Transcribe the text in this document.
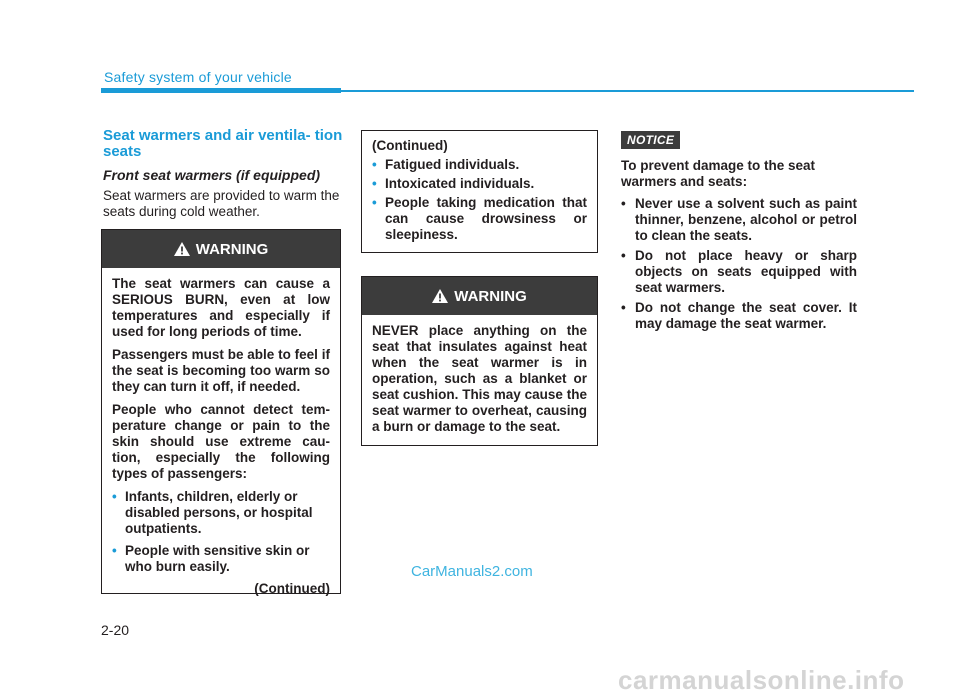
Safety system of your vehicle
Seat warmers and air ventila- tion seats
Front seat warmers (if equipped)
Seat warmers are provided to warm the seats during cold weather.
WARNING

The seat warmers can cause a SERIOUS BURN, even at low temperatures and especially if used for long periods of time.

Passengers must be able to feel if the seat is becoming too warm so they can turn it off, if needed.

People who cannot detect tem- perature change or pain to the skin should use extreme cau- tion, especially the following types of passengers:

• Infants, children, elderly or disabled persons, or hospital outpatients.
• People with sensitive skin or who burn easily.
(Continued)
(Continued)
• Fatigued individuals.
• Intoxicated individuals.
• People taking medication that can cause drowsiness or sleepiness.
WARNING

NEVER place anything on the seat that insulates against heat when the seat warmer is in operation, such as a blanket or seat cushion. This may cause the seat warmer to overheat, causing a burn or damage to the seat.

NOTICE

To prevent damage to the seat warmers and seats:

• Never use a solvent such as paint thinner, benzene, alcohol or petrol to clean the seats.
• Do not place heavy or sharp objects on seats equipped with seat warmers.
• Do not change the seat cover. It may damage the seat warmer.
CarManuals2.com
2-20
carmanualsonline.info
